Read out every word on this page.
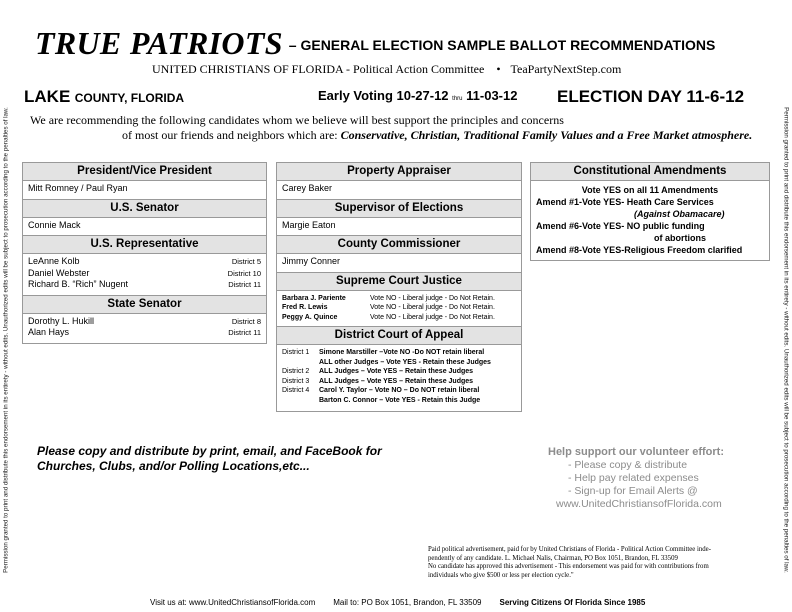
Permission granted to print and distribute this endorsement in its entirety - without edits. Unauthorized edits will be subject to prosecution according to the penalties of law.	Permission granted to print and distribute this endorsement in its entirety - without edits. Unauthorized edits will be subject to prosecution according to the penalties of law.
TRUE PATRIOTS – GENERAL ELECTION SAMPLE BALLOT RECOMMENDATIONS
UNITED CHRISTIANS OF FLORIDA - Political Action Committee • TeaPartyNextStep.com
LAKE COUNTY, FLORIDA	Early Voting 10-27-12 thru 11-03-12 ELECTION DAY 11-6-12
We are recommending the following candidates whom we believe will best support the principles and concerns
of most our friends and neighbors which are: Conservative, Christian, Traditional Family Values and a Free Market atmosphere.
President/Vice President
Mitt Romney / Paul Ryan
U.S. Senator
Connie Mack
U.S. Representative
LeAnne Kolb	District 5
Daniel Webster	District 10
Richard B. “Rich” Nugent	District 11
State Senator
Dorothy L. Hukill	District 8
Alan Hays	District 11
Property Appraiser
Carey Baker
Supervisor of Elections
Margie Eaton
County Commissioner
Jimmy Conner
Supreme Court Justice
Barbara J. Pariente	Vote NO - Liberal judge - Do Not Retain.
Fred R. Lewis	Vote NO - Liberal judge - Do Not Retain.
Peggy A. Quince	Vote NO - Liberal judge - Do Not Retain.
District Court of Appeal
District 1	Simone Marstiller –Vote NO -Do NOT retain liberal
ALL other Judges – Vote YES - Retain these Judges
District 2	ALL Judges – Vote YES – Retain these Judges
District 3	ALL Judges – Vote YES – Retain these Judges
District 4	Carol Y. Taylor – Vote NO – Do NOT retain liberal
Barton C. Connor – Vote YES - Retain this Judge
Constitutional Amendments
Vote YES on all 11 Amendments
Amend #1-Vote YES- Heath Care Services
(Against Obamacare)
Amend #6-Vote YES- NO public funding
of abortions
Amend #8-Vote YES-Religious Freedom clarified
Please copy and distribute by print, email, and FaceBook for
Churches, Clubs, and/or Polling Locations,etc...
Help support our volunteer effort:
- Please copy & distribute
- Help pay related expenses
- Sign-up for Email Alerts @
www.UnitedChristiansofFlorida.com
Paid political advertisement, paid for by United Christians of Florida - Political Action Committee inde-
pendently of any candidate. L. Michael Nalis, Chairman, PO Box 1051, Brandon, FL 33509
No candidate has approved this advertisement - This endorsement was paid for with contributions from
individuals who give $500 or less per election cycle."
Visit us at: www.UnitedChristiansofFlorida.com Mail to: PO Box 1051, Brandon, FL 33509 Serving Citizens Of Florida Since 1985
